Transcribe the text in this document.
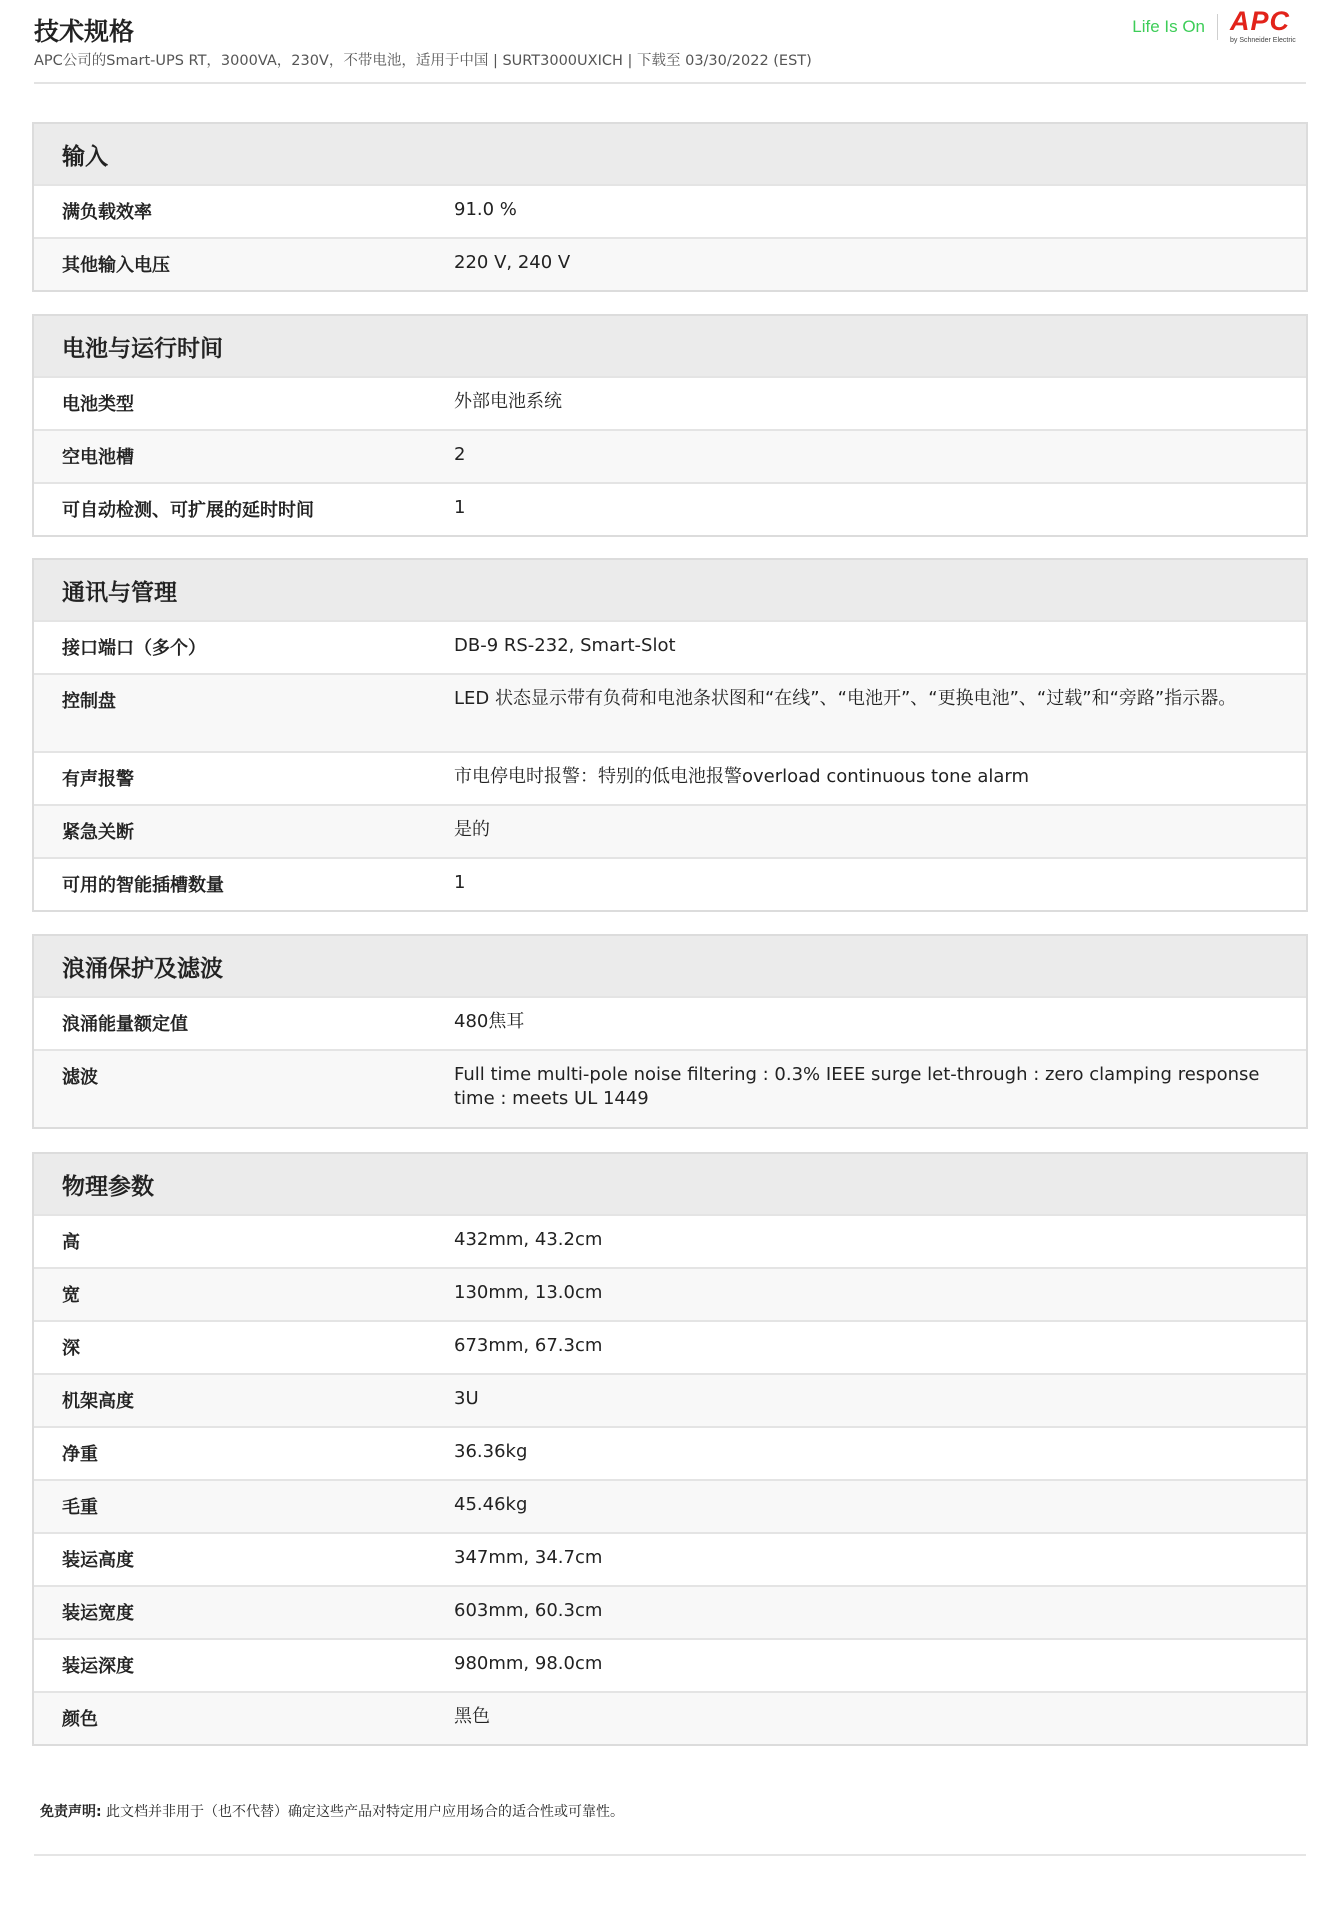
技术规格
APC公司的Smart-UPS RT，3000VA，230V，不带电池，适用于中国 | SURT3000UXICH | 下载至 03/30/2022 (EST)
Life Is On APC
by Schneider Electric
输入
满负载效率	91.0 %
其他输入电压	220 V, 240 V
电池与运行时间
电池类型	外部电池系统
空电池槽	2
可自动检测、可扩展的延时时间	1
通讯与管理
接口端口（多个）	DB-9 RS-232, Smart-Slot
控制盘	LED 状态显示带有负荷和电池条状图和“在线”、“电池开”、“更换电池”、“过载”和“旁路”指示器。
有声报警	市电停电时报警：特别的低电池报警overload continuous tone alarm
紧急关断	是的
可用的智能插槽数量	1
浪涌保护及滤波
浪涌能量额定值	480焦耳
滤波	Full time multi-pole noise filtering : 0.3% IEEE surge let-through : zero clamping response time : meets UL 1449
物理参数
高	432mm, 43.2cm
宽	130mm, 13.0cm
深	673mm, 67.3cm
机架高度	3U
净重	36.36kg
毛重	45.46kg
装运高度	347mm, 34.7cm
装运宽度	603mm, 60.3cm
装运深度	980mm, 98.0cm
颜色	黑色
免责声明: 此文档并非用于（也不代替）确定这些产品对特定用户应用场合的适合性或可靠性。
